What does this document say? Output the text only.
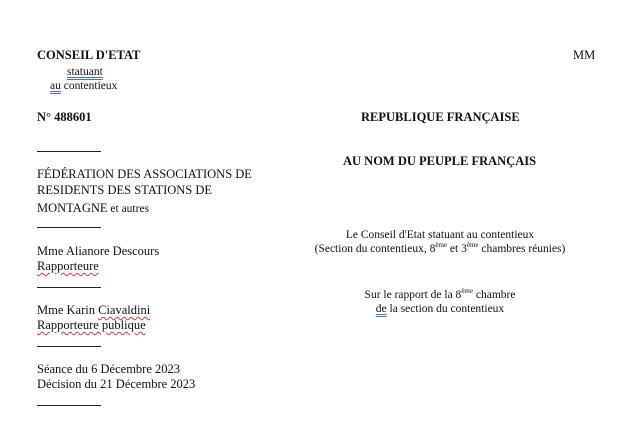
CONSEIL D'ETAT
statuant
au contentieux
MM
N° 488601	REPUBLIQUE FRANÇAISE
AU NOM DU PEUPLE FRANÇAIS
FÉDÉRATION DES ASSOCIATIONS DE
RESIDENTS DES STATIONS DE
MONTAGNE et autres
Le Conseil d'Etat statuant au contentieux
(Section du contentieux, 8ème et 3ème chambres réunies)
Mme Alianore Descours
Rapporteure
Sur le rapport de la 8ème chambre
de la section du contentieux
Mme Karin Ciavaldini
Rapporteure publique
Séance du 6 Décembre 2023
Décision du 21 Décembre 2023
